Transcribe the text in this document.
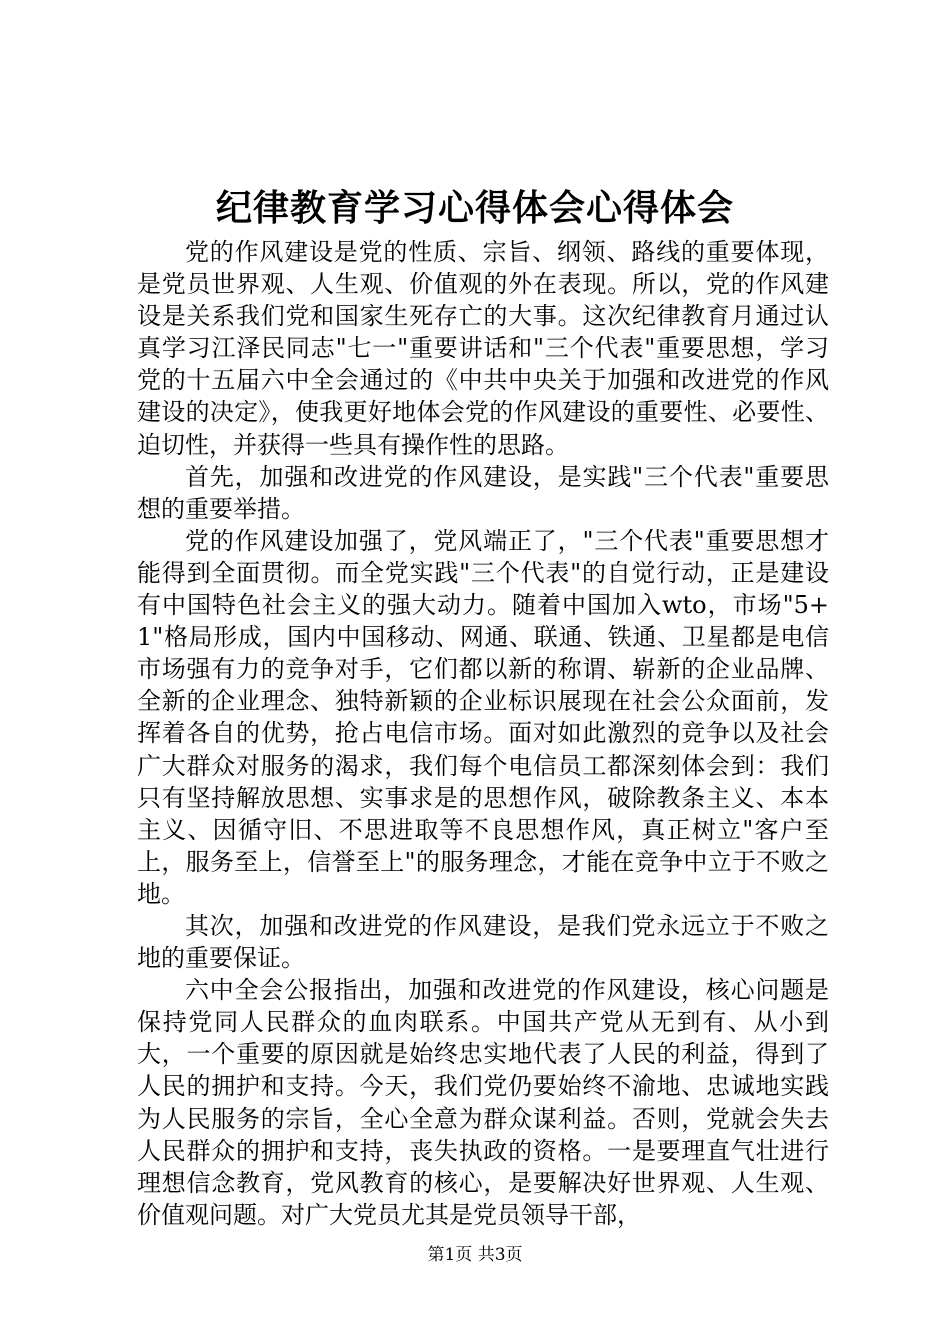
纪律教育学习心得体会心得体会

党的作风建设是党的性质、宗旨、纲领、路线的重要体现，是党员世界观、人生观、价值观的外在表现。所以，党的作风建设是关系我们党和国家生死存亡的大事。这次纪律教育月通过认真学习江泽民同志"七一"重要讲话和"三个代表"重要思想，学习党的十五届六中全会通过的《中共中央关于加强和改进党的作风建设的决定》，使我更好地体会党的作风建设的重要性、必要性、迫切性，并获得一些具有操作性的思路。

首先，加强和改进党的作风建设，是实践"三个代表"重要思想的重要举措。

党的作风建设加强了，党风端正了，"三个代表"重要思想才能得到全面贯彻。而全党实践"三个代表"的自觉行动，正是建设有中国特色社会主义的强大动力。随着中国加入wto，市场"5+1"格局形成，国内中国移动、网通、联通、铁通、卫星都是电信市场强有力的竞争对手，它们都以新的称谓、崭新的企业品牌、全新的企业理念、独特新颖的企业标识展现在社会公众面前，发挥着各自的优势，抢占电信市场。面对如此激烈的竞争以及社会广大群众对服务的渴求，我们每个电信员工都深刻体会到：我们只有坚持解放思想、实事求是的思想作风，破除教条主义、本本主义、因循守旧、不思进取等不良思想作风，真正树立"客户至上，服务至上，信誉至上"的服务理念，才能在竞争中立于不败之地。

其次，加强和改进党的作风建设，是我们党永远立于不败之地的重要保证。

六中全会公报指出，加强和改进党的作风建设，核心问题是保持党同人民群众的血肉联系。中国共产党从无到有、从小到大，一个重要的原因就是始终忠实地代表了人民的利益，得到了人民的拥护和支持。今天，我们党仍要始终不渝地、忠诚地实践为人民服务的宗旨，全心全意为群众谋利益。否则，党就会失去人民群众的拥护和支持，丧失执政的资格。一是要理直气壮进行理想信念教育，党风教育的核心，是要解决好世界观、人生观、价值观问题。对广大党员尤其是党员领导干部，

第1页 共3页
